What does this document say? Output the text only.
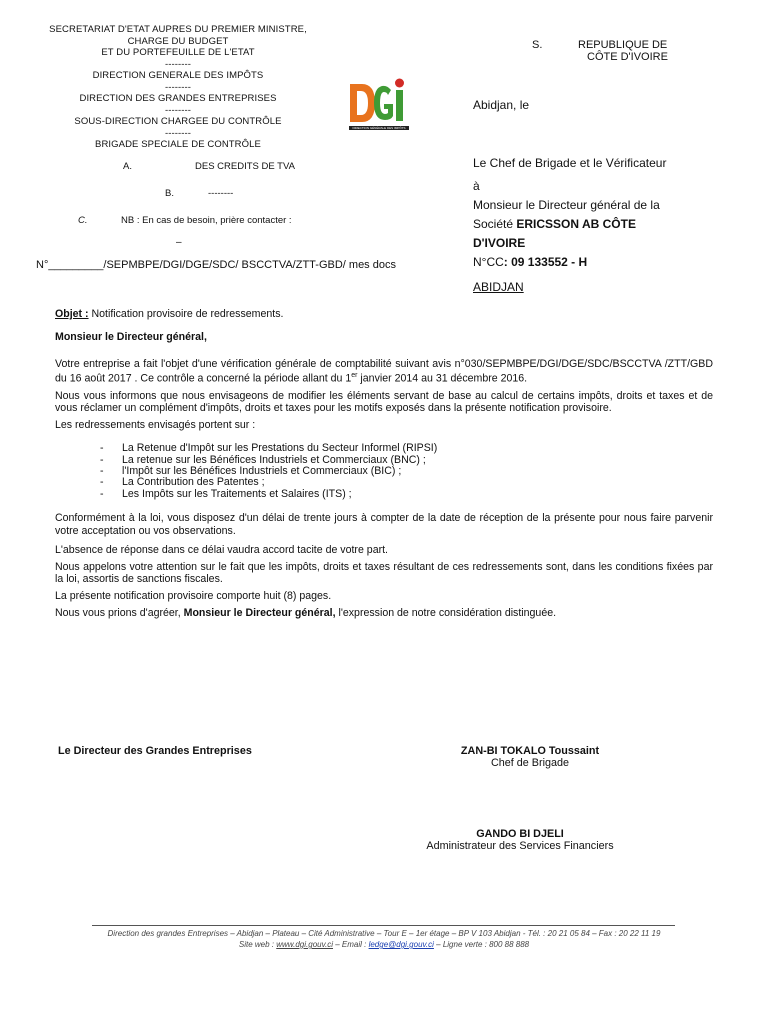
SECRETARIAT D'ETAT AUPRES DU PREMIER MINISTRE,
CHARGE DU BUDGET
ET DU PORTEFEUILLE DE L'ETAT
--------
DIRECTION GENERALE DES IMPÔTS
--------
DIRECTION DES GRANDES ENTREPRISES
--------
SOUS-DIRECTION CHARGEE DU CONTRÔLE
--------
BRIGADE SPECIALE DE CONTRÔLE
A.	DES CREDITS DE TVA
B.	--------
C.	NB : En cas de besoin, prière contacter :
–
N°_________/SEPMBPE/DGI/DGE/SDC/ BSCCTVA/ZTT-GBD/ mes docs
DIRECTION GÉNÉRALE DES IMPÔTS
S.	REPUBLIQUE DE
CÔTE D'IVOIRE
Abidjan, le
Le Chef de Brigade et le Vérificateur
à
Monsieur le Directeur général de la
Société ERICSSON AB CÔTE
D'IVOIRE
N°CC: 09 133552 - H
ABIDJAN
Objet : Notification provisoire de redressements.
Monsieur le Directeur général,

Votre entreprise a fait l'objet d'une vérification générale de comptabilité suivant avis n°030/SEPMBPE/DGI/DGE/SDC/BSCCTVA /ZTT/GBD du 16 août 2017 . Ce contrôle a concerné la période allant du 1er janvier 2014 au 31 décembre 2016.

Nous vous informons que nous envisageons de modifier les éléments servant de base au calcul de certains impôts, droits et taxes et de vous réclamer un complément d'impôts, droits et taxes pour les motifs exposés dans la présente notification provisoire.

Les redressements envisagés portent sur :

-	La Retenue d'Impôt sur les Prestations du Secteur Informel (RIPSI)
-	La retenue sur les Bénéfices Industriels et Commerciaux (BNC) ;
-	l'Impôt sur les Bénéfices Industriels et Commerciaux (BIC) ;
-	La Contribution des Patentes ;
-	Les Impôts sur les Traitements et Salaires (ITS) ;

Conformément à la loi, vous disposez d'un délai de trente jours à compter de la date de réception de la présente pour nous faire parvenir votre acceptation ou vos observations.

L'absence de réponse dans ce délai vaudra accord tacite de votre part.

Nous appelons votre attention sur le fait que les impôts, droits et taxes résultant de ces redressements sont, dans les conditions fixées par la loi, assortis de sanctions fiscales.

La présente notification provisoire comporte huit (8) pages.

Nous vous prions d'agréer, Monsieur le Directeur général, l'expression de notre considération distinguée.

Le Directeur des Grandes Entreprises	ZAN-BI TOKALO Toussaint
Chef de Brigade
GANDO BI DJELI
Administrateur des Services Financiers
Direction des grandes Entreprises – Abidjan – Plateau – Cité Administrative – Tour E – 1er étage – BP V 103 Abidjan - Tél. : 20 21 05 84 – Fax : 20 22 11 19
Site web : www.dgi.gouv.ci – Email : ledge@dgi.gouv.ci – Ligne verte : 800 88 888
